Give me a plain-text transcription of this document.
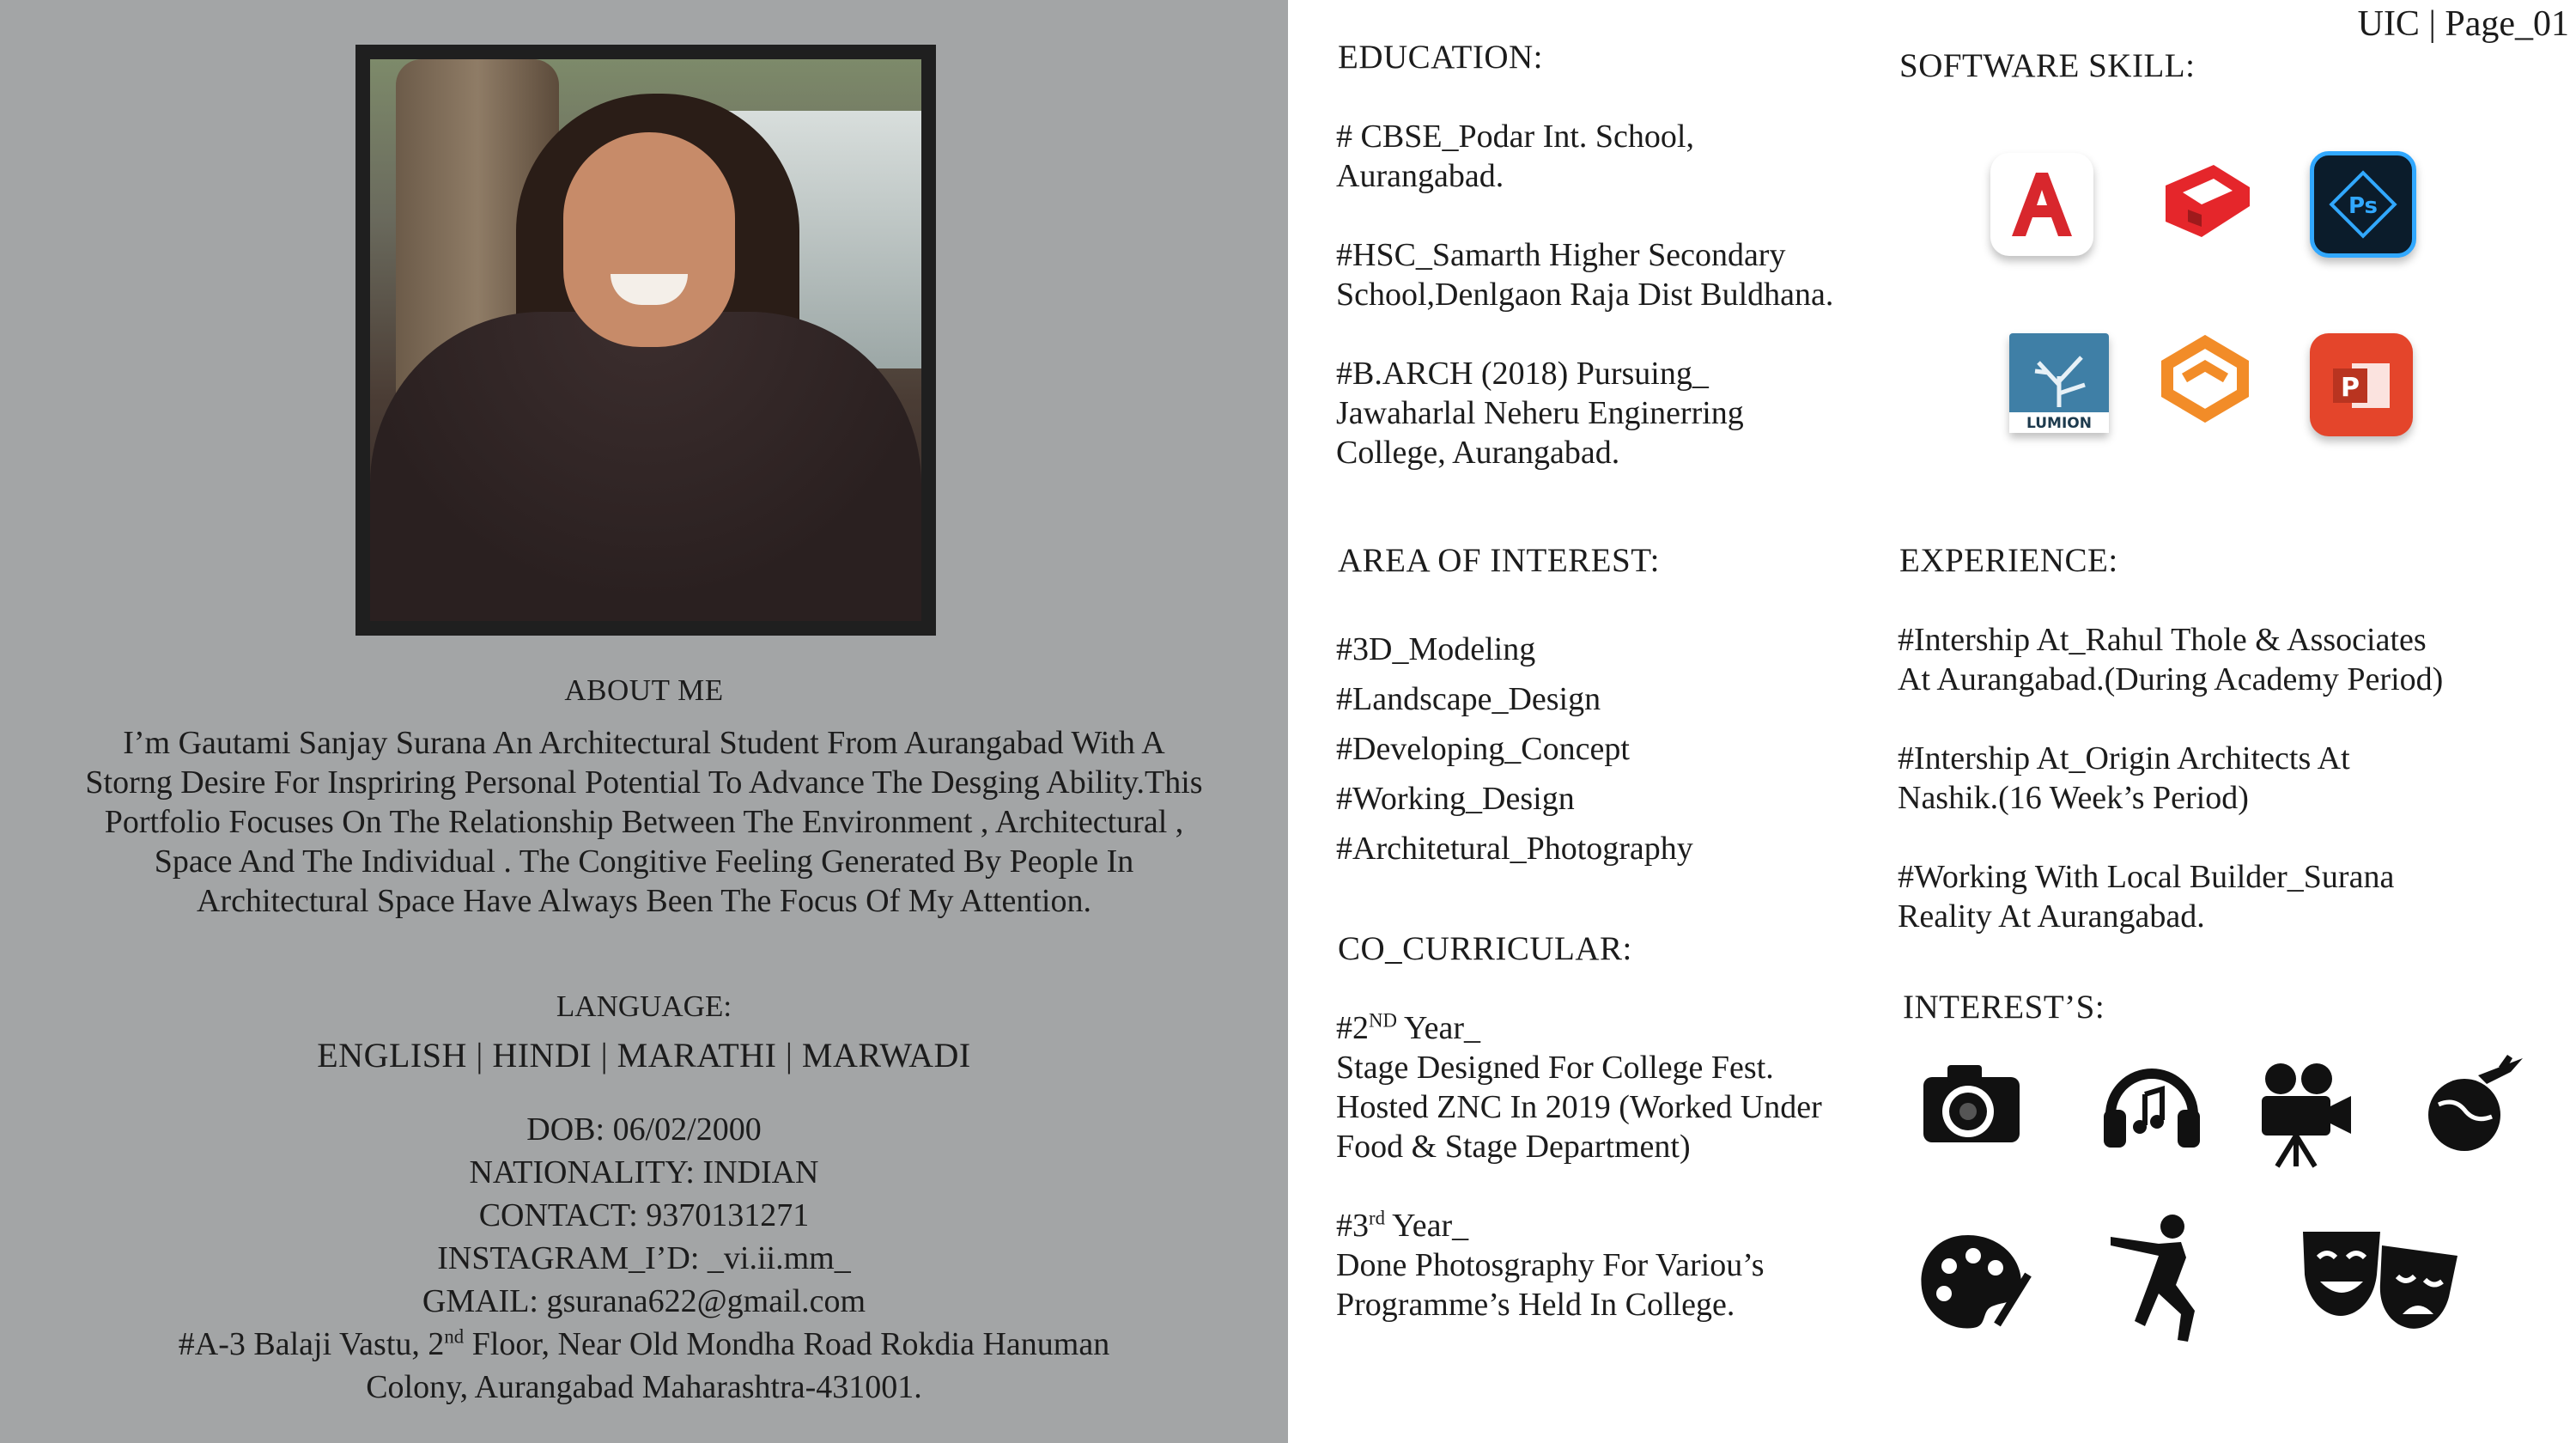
ABOUT ME

I’m Gautami Sanjay Surana An Architectural Student From Aurangabad With A Storng Desire For Inspriring Personal Potential To Advance The Desging Ability.This Portfolio Focuses On The Relationship Between The Environment , Architectural , Space And The Individual . The Congitive Feeling Generated By People In Architectural Space Have Always Been The Focus Of My Attention.

LANGUAGE:
ENGLISH | HINDI | MARATHI | MARWADI
DOB: 06/02/2000
NATIONALITY: INDIAN
CONTACT: 9370131271
INSTAGRAM_I’D: _vi.ii.mm_
GMAIL: gsurana622@gmail.com
#A-3 Balaji Vastu, 2nd Floor, Near Old Mondha Road Rokdia Hanuman
Colony, Aurangabad Maharashtra-431001.
UIC | Page_01
EDUCATION:

# CBSE_Podar Int. School,

Aurangabad.

#HSC_Samarth Higher Secondary

School,Denlgaon Raja Dist Buldhana.

#B.ARCH (2018) Pursuing_

Jawaharlal Neheru Enginerring

College, Aurangabad.

SOFTWARE SKILL:
Ps
LUMION
P
AREA OF INTEREST:
#3D_Modeling
#Landscape_Design
#Developing_Concept
#Working_Design
#Architetural_Photography
CO_CURRICULAR:

#2ND Year_

Stage Designed For College Fest.

Hosted ZNC In 2019 (Worked Under

Food & Stage Department)

#3rd Year_

Done Photosgraphy For Variou’s

Programme’s Held In College.

EXPERIENCE:

#Intership At_Rahul Thole & Associates

At Aurangabad.(During Academy Period)

#Intership At_Origin Architects At

Nashik.(16 Week’s Period)

#Working With Local Builder_Surana

Reality At Aurangabad.

INTEREST’S:
